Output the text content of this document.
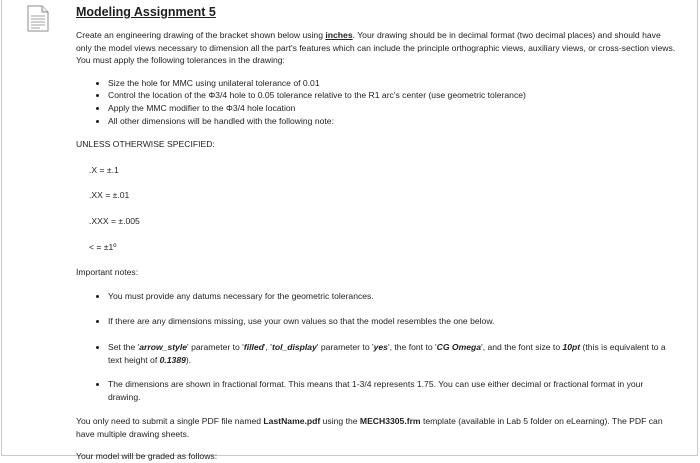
Modeling Assignment 5

Create an engineering drawing of the bracket shown below using inches. Your drawing should be in decimal format (two decimal places) and should have only the model views necessary to dimension all the part's features which can include the principle orthographic views, auxiliary views, or cross-section views. You must apply the following tolerances in the drawing:

• Size the hole for MMC using unilateral tolerance of 0.01
• Control the location of the Φ3/4 hole to 0.05 tolerance relative to the R1 arc's center (use geometric tolerance)
• Apply the MMC modifier to the Φ3/4 hole location
• All other dimensions will be handled with the following note:

UNLESS OTHERWISE SPECIFIED:

.X = ±.1

.XX = ±.01

.XXX = ±.005

< = ±1º

Important notes:

• You must provide any datums necessary for the geometric tolerances.
• If there are any dimensions missing, use your own values so that the model resembles the one below.
• Set the 'arrow_style' parameter to 'filled', 'tol_display' parameter to 'yes', the font to 'CG Omega', and the font size to 10pt (this is equivalent to a text height of 0.1389).
• The dimensions are shown in fractional format. This means that 1-3/4 represents 1.75. You can use either decimal or fractional format in your drawing.

You only need to submit a single PDF file named LastName.pdf using the MECH3305.frm template (available in Lab 5 folder on eLearning). The PDF can have multiple drawing sheets.

Your model will be graded as follows:
